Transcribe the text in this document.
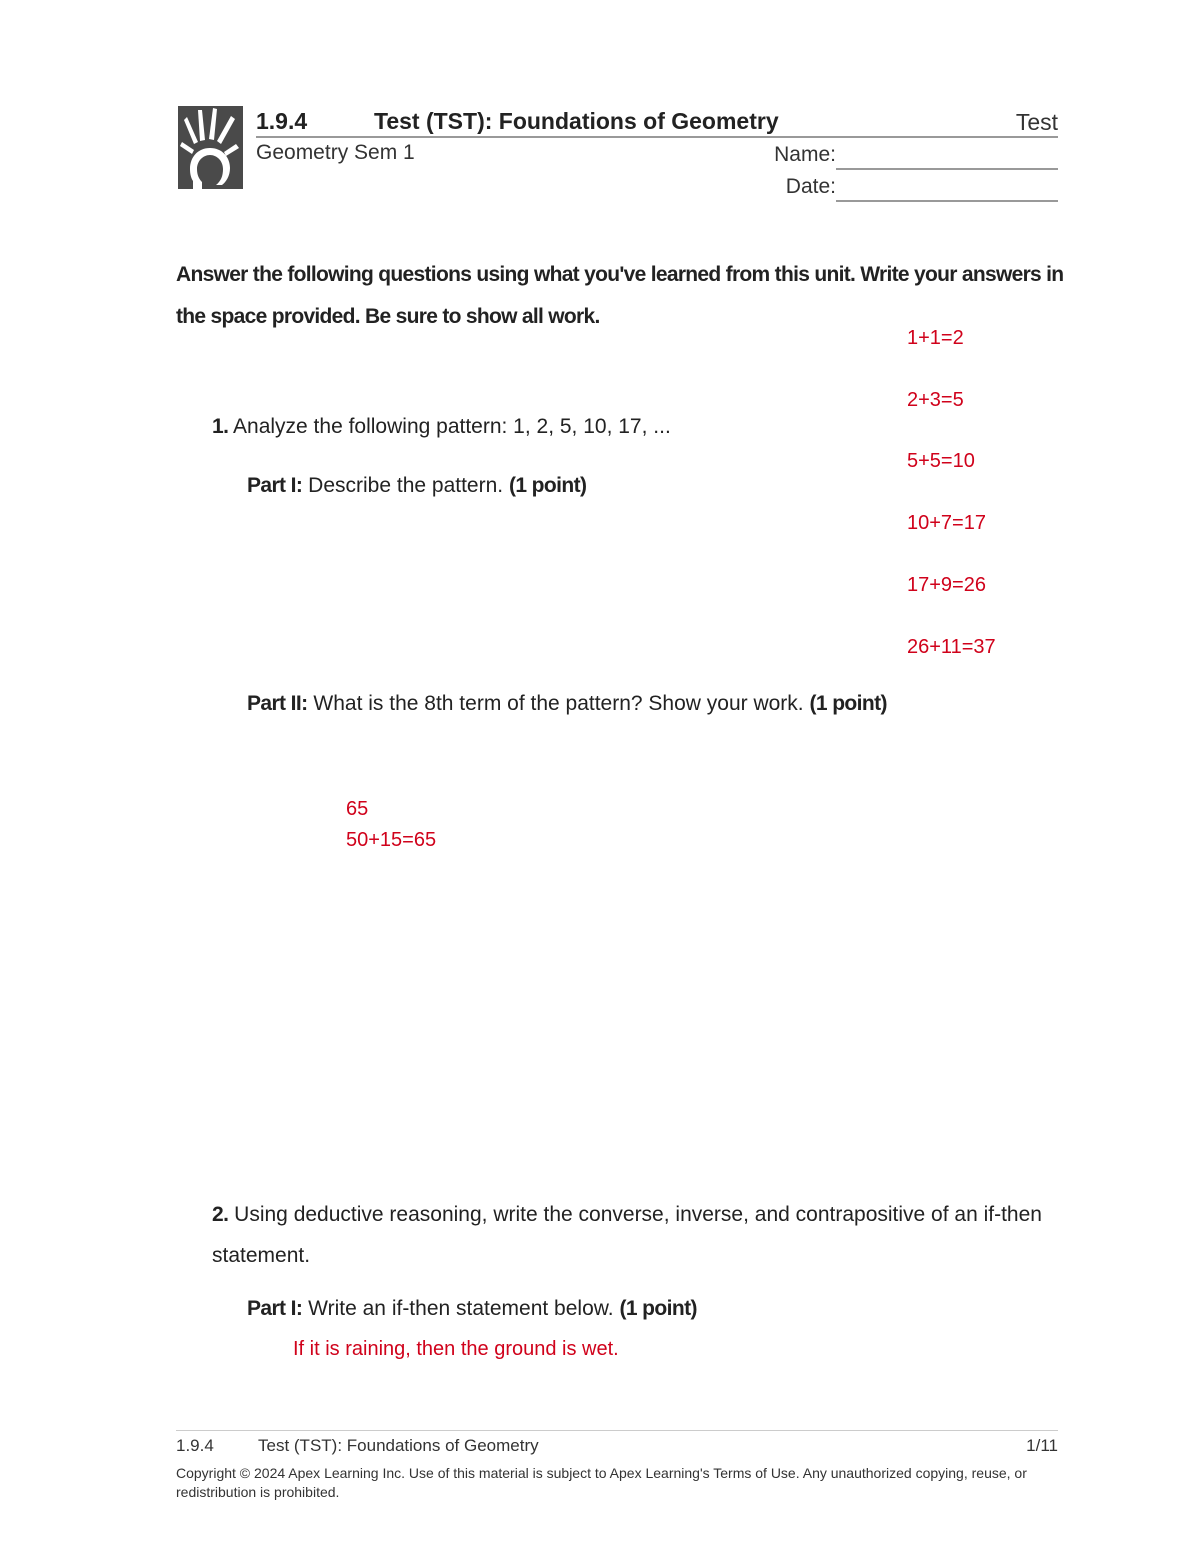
1.9.4	Test (TST): Foundations of Geometry	Test
Geometry Sem 1	Name:
Date:
Answer the following questions using what you've learned from this unit. Write your answers in the space provided. Be sure to show all work.
1+1=2
2+3=5
5+5=10
10+7=17
17+9=26
26+11=37
1. Analyze the following pattern: 1, 2, 5, 10, 17, ...
Part I: Describe the pattern. (1 point)
Part II: What is the 8th term of the pattern? Show your work. (1 point)
65
50+15=65
2. Using deductive reasoning, write the converse, inverse, and contrapositive of an if-then statement.
Part I: Write an if-then statement below. (1 point)
If it is raining, then the ground is wet.
1.9.4	Test (TST): Foundations of Geometry	1/11
Copyright © 2024 Apex Learning Inc. Use of this material is subject to Apex Learning's Terms of Use. Any unauthorized copying, reuse, or redistribution is prohibited.
